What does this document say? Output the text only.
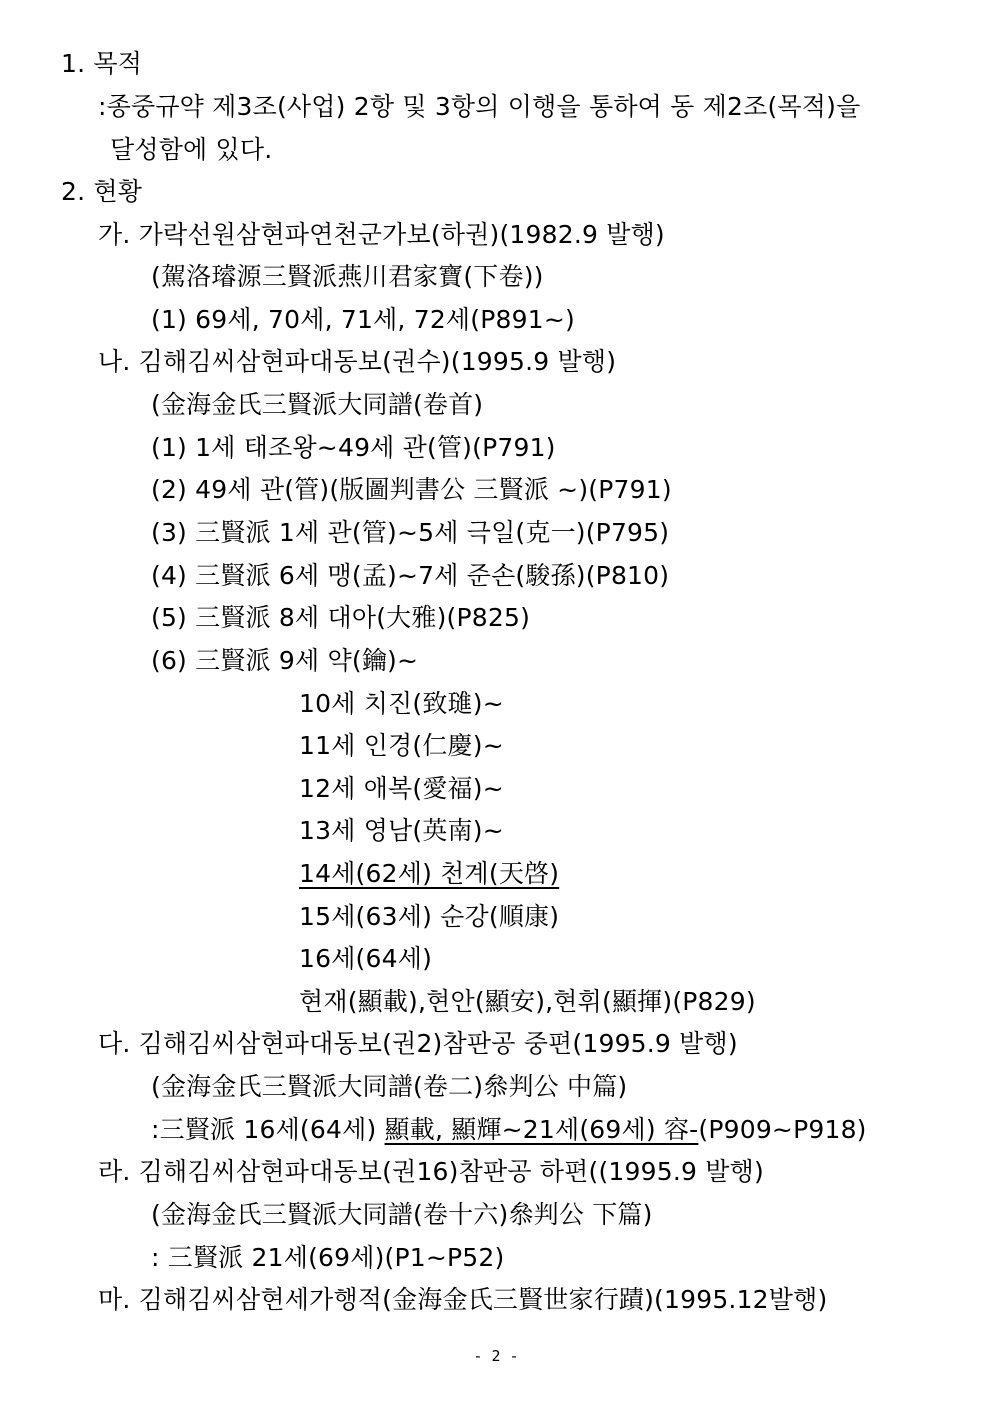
1. 목적
:종중규약 제3조(사업) 2항 및 3항의 이행을 통하여 동 제2조(목적)을
달성함에 있다.
2. 현황
가. 가락선원삼현파연천군가보(하권)(1982.9 발행)
(駕洛璿源三賢派燕川君家寶(下卷))
(1) 69세, 70세, 71세, 72세(P891~)
나. 김해김씨삼현파대동보(권수)(1995.9 발행)
(金海金氏三賢派大同譜(卷首)
(1) 1세 태조왕~49세 관(管)(P791)
(2) 49세 관(管)(版圖判書公 三賢派 ~)(P791)
(3) 三賢派 1세 관(管)~5세 극일(克一)(P795)
(4) 三賢派 6세 맹(孟)~7세 준손(駿孫)(P810)
(5) 三賢派 8세 대아(大雅)(P825)
(6) 三賢派 9세 약(鑰)~
10세 치진(致璡)~
11세 인경(仁慶)~
12세 애복(愛福)~
13세 영남(英南)~
14세(62세) 천계(天啓)
15세(63세) 순강(順康)
16세(64세)
현재(顯載),현안(顯安),현휘(顯揮)(P829)
다. 김해김씨삼현파대동보(권2)참판공 중편(1995.9 발행)
(金海金氏三賢派大同譜(卷二)叅判公 中篇)
:三賢派 16세(64세) 顯載, 顯輝~21세(69세) 容-(P909~P918)
라. 김해김씨삼현파대동보(권16)참판공 하편((1995.9 발행)
(金海金氏三賢派大同譜(卷十六)叅判公 下篇)
: 三賢派 21세(69세)(P1~P52)
마. 김해김씨삼현세가행적(金海金氏三賢世家行蹟)(1995.12발행)
- 2 -
